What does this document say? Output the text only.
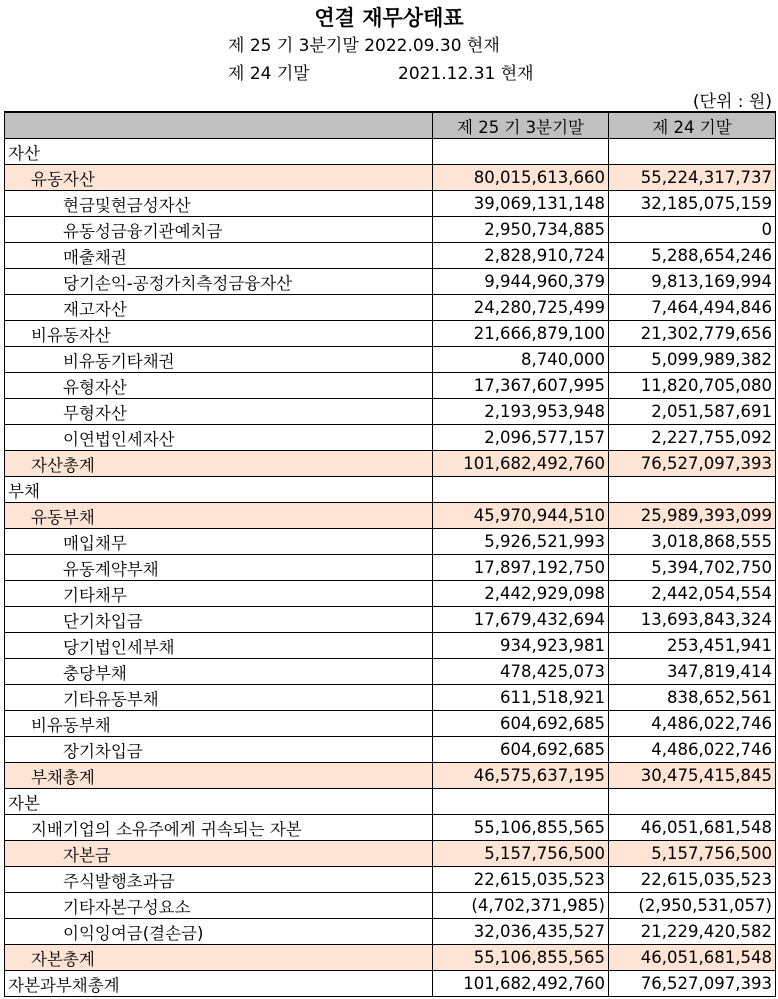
연결 재무상태표
제 25 기 3분기말 2022.09.30 현재
제 24 기말	2021.12.31 현재
(단위 : 원)
	제 25 기 3분기말	제 24 기말
자산		
유동자산	80,015,613,660	55,224,317,737
현금및현금성자산	39,069,131,148	32,185,075,159
유동성금융기관예치금	2,950,734,885	0
매출채권	2,828,910,724	5,288,654,246
당기손익-공정가치측정금융자산	9,944,960,379	9,813,169,994
재고자산	24,280,725,499	7,464,494,846
비유동자산	21,666,879,100	21,302,779,656
비유동기타채권	8,740,000	5,099,989,382
유형자산	17,367,607,995	11,820,705,080
무형자산	2,193,953,948	2,051,587,691
이연법인세자산	2,096,577,157	2,227,755,092
자산총계	101,682,492,760	76,527,097,393
부채		
유동부채	45,970,944,510	25,989,393,099
매입채무	5,926,521,993	3,018,868,555
유동계약부채	17,897,192,750	5,394,702,750
기타채무	2,442,929,098	2,442,054,554
단기차입금	17,679,432,694	13,693,843,324
당기법인세부채	934,923,981	253,451,941
충당부채	478,425,073	347,819,414
기타유동부채	611,518,921	838,652,561
비유동부채	604,692,685	4,486,022,746
장기차입금	604,692,685	4,486,022,746
부채총계	46,575,637,195	30,475,415,845
자본		
지배기업의 소유주에게 귀속되는 자본	55,106,855,565	46,051,681,548
자본금	5,157,756,500	5,157,756,500
주식발행초과금	22,615,035,523	22,615,035,523
기타자본구성요소	(4,702,371,985)	(2,950,531,057)
이익잉여금(결손금)	32,036,435,527	21,229,420,582
자본총계	55,106,855,565	46,051,681,548
자본과부채총계	101,682,492,760	76,527,097,393
